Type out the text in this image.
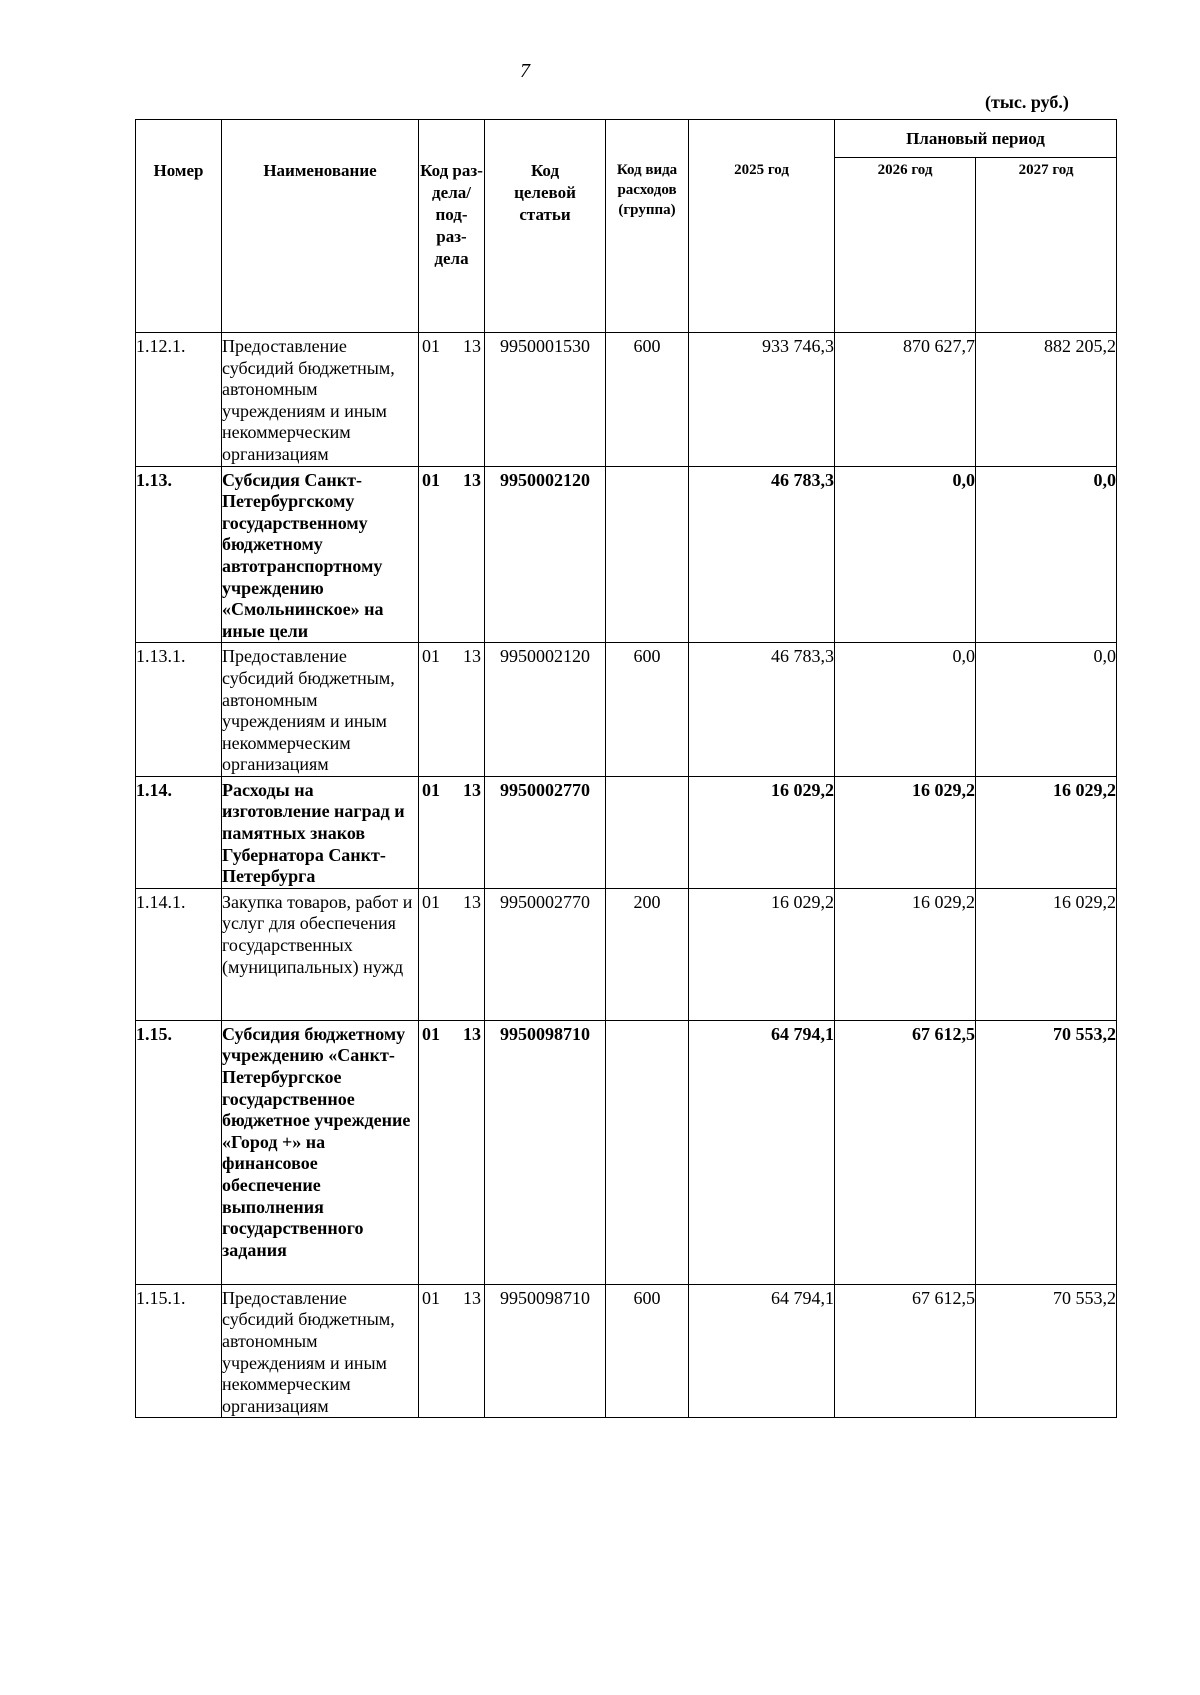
7
(тыс. руб.)
Номер	Наименование	Код раз-
дела/
под-
раз-
дела	Код
целевой
статьи	Код вида
расходов
(группа)	2025 год	Плановый период	
						2026 год	2027 год
1.12.1.	Предоставление субсидий бюджетным, автономным учреждениям и иным некоммерческим организациям	01 13	9950001530	600	933 746,3	870 627,7	882 205,2
1.13.	Субсидия Санкт-Петербургскому государственному бюджетному автотранспортному учреждению «Смольнинское» на иные цели	01 13	9950002120		46 783,3	0,0	0,0
1.13.1.	Предоставление субсидий бюджетным, автономным учреждениям и иным некоммерческим организациям	01 13	9950002120	600	46 783,3	0,0	0,0
1.14.	Расходы на изготовление наград и памятных знаков Губернатора Санкт-Петербурга	01 13	9950002770		16 029,2	16 029,2	16 029,2
1.14.1.	Закупка товаров, работ и услуг для обеспечения государственных (муниципальных) нужд	01 13	9950002770	200	16 029,2	16 029,2	16 029,2
1.15.	Субсидия бюджетному учреждению «Санкт-Петербургское государственное бюджетное учреждение «Город +» на финансовое обеспечение выполнения государственного задания	01 13	9950098710		64 794,1	67 612,5	70 553,2
1.15.1.	Предоставление субсидий бюджетным, автономным учреждениям и иным некоммерческим организациям	01 13	9950098710	600	64 794,1	67 612,5	70 553,2
